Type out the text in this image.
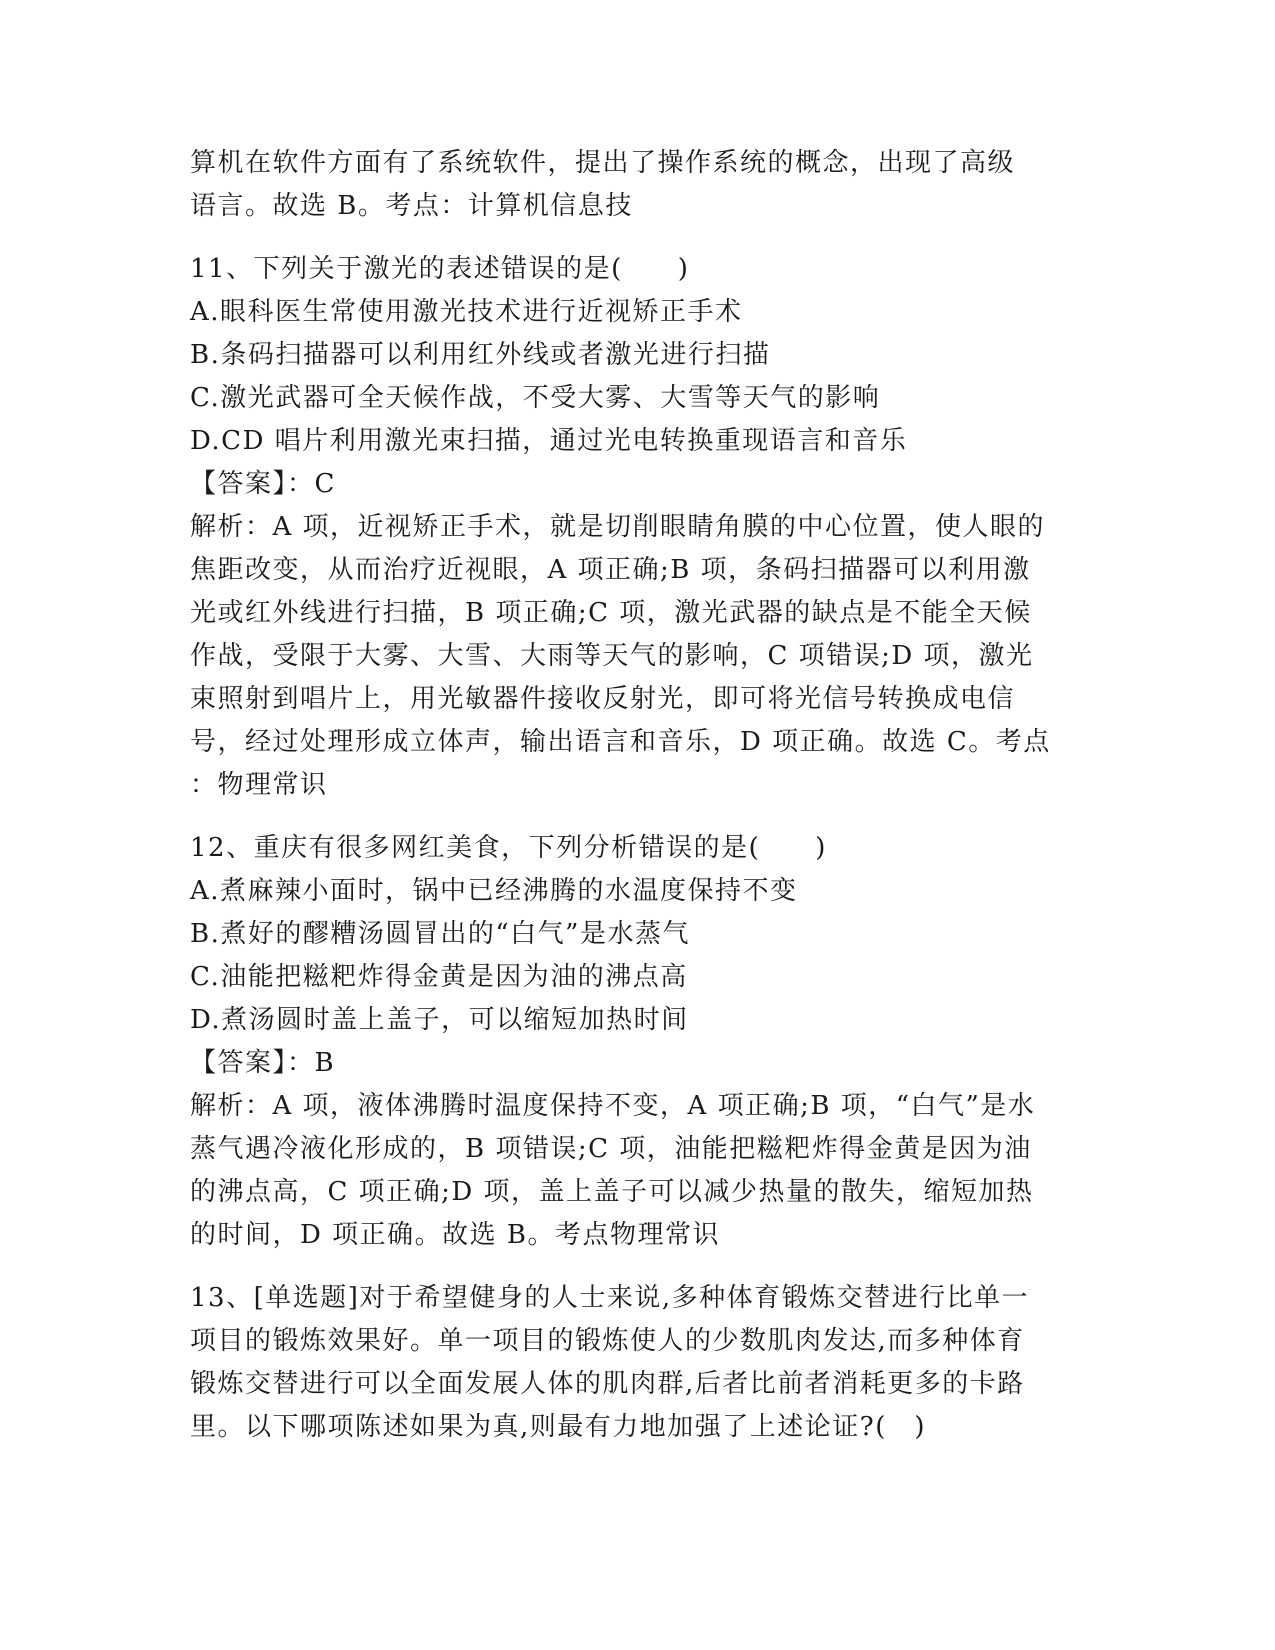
算机在软件方面有了系统软件，提出了操作系统的概念，出现了高级
语言。故选 B。考点：计算机信息技
11、下列关于激光的表述错误的是(　　)
A.眼科医生常使用激光技术进行近视矫正手术
B.条码扫描器可以利用红外线或者激光进行扫描
C.激光武器可全天候作战，不受大雾、大雪等天气的影响
D.CD 唱片利用激光束扫描，通过光电转换重现语言和音乐
【答案】：C
解析：A 项，近视矫正手术，就是切削眼睛角膜的中心位置，使人眼的
焦距改变，从而治疗近视眼，A 项正确;B 项，条码扫描器可以利用激
光或红外线进行扫描，B 项正确;C 项，激光武器的缺点是不能全天候
作战，受限于大雾、大雪、大雨等天气的影响，C 项错误;D 项，激光
束照射到唱片上，用光敏器件接收反射光，即可将光信号转换成电信
号，经过处理形成立体声，输出语言和音乐，D 项正确。故选 C。考点
：物理常识
12、重庆有很多网红美食，下列分析错误的是(　　)
A.煮麻辣小面时，锅中已经沸腾的水温度保持不变
B.煮好的醪糟汤圆冒出的“白气”是水蒸气
C.油能把糍粑炸得金黄是因为油的沸点高
D.煮汤圆时盖上盖子，可以缩短加热时间
【答案】：B
解析：A 项，液体沸腾时温度保持不变，A 项正确;B 项，“白气”是水
蒸气遇冷液化形成的，B 项错误;C 项，油能把糍粑炸得金黄是因为油
的沸点高，C 项正确;D 项，盖上盖子可以减少热量的散失，缩短加热
的时间，D 项正确。故选 B。考点物理常识
13、[单选题]对于希望健身的人士来说,多种体育锻炼交替进行比单一
项目的锻炼效果好。单一项目的锻炼使人的少数肌肉发达,而多种体育
锻炼交替进行可以全面发展人体的肌肉群,后者比前者消耗更多的卡路
里。以下哪项陈述如果为真,则最有力地加强了上述论证?(　)
